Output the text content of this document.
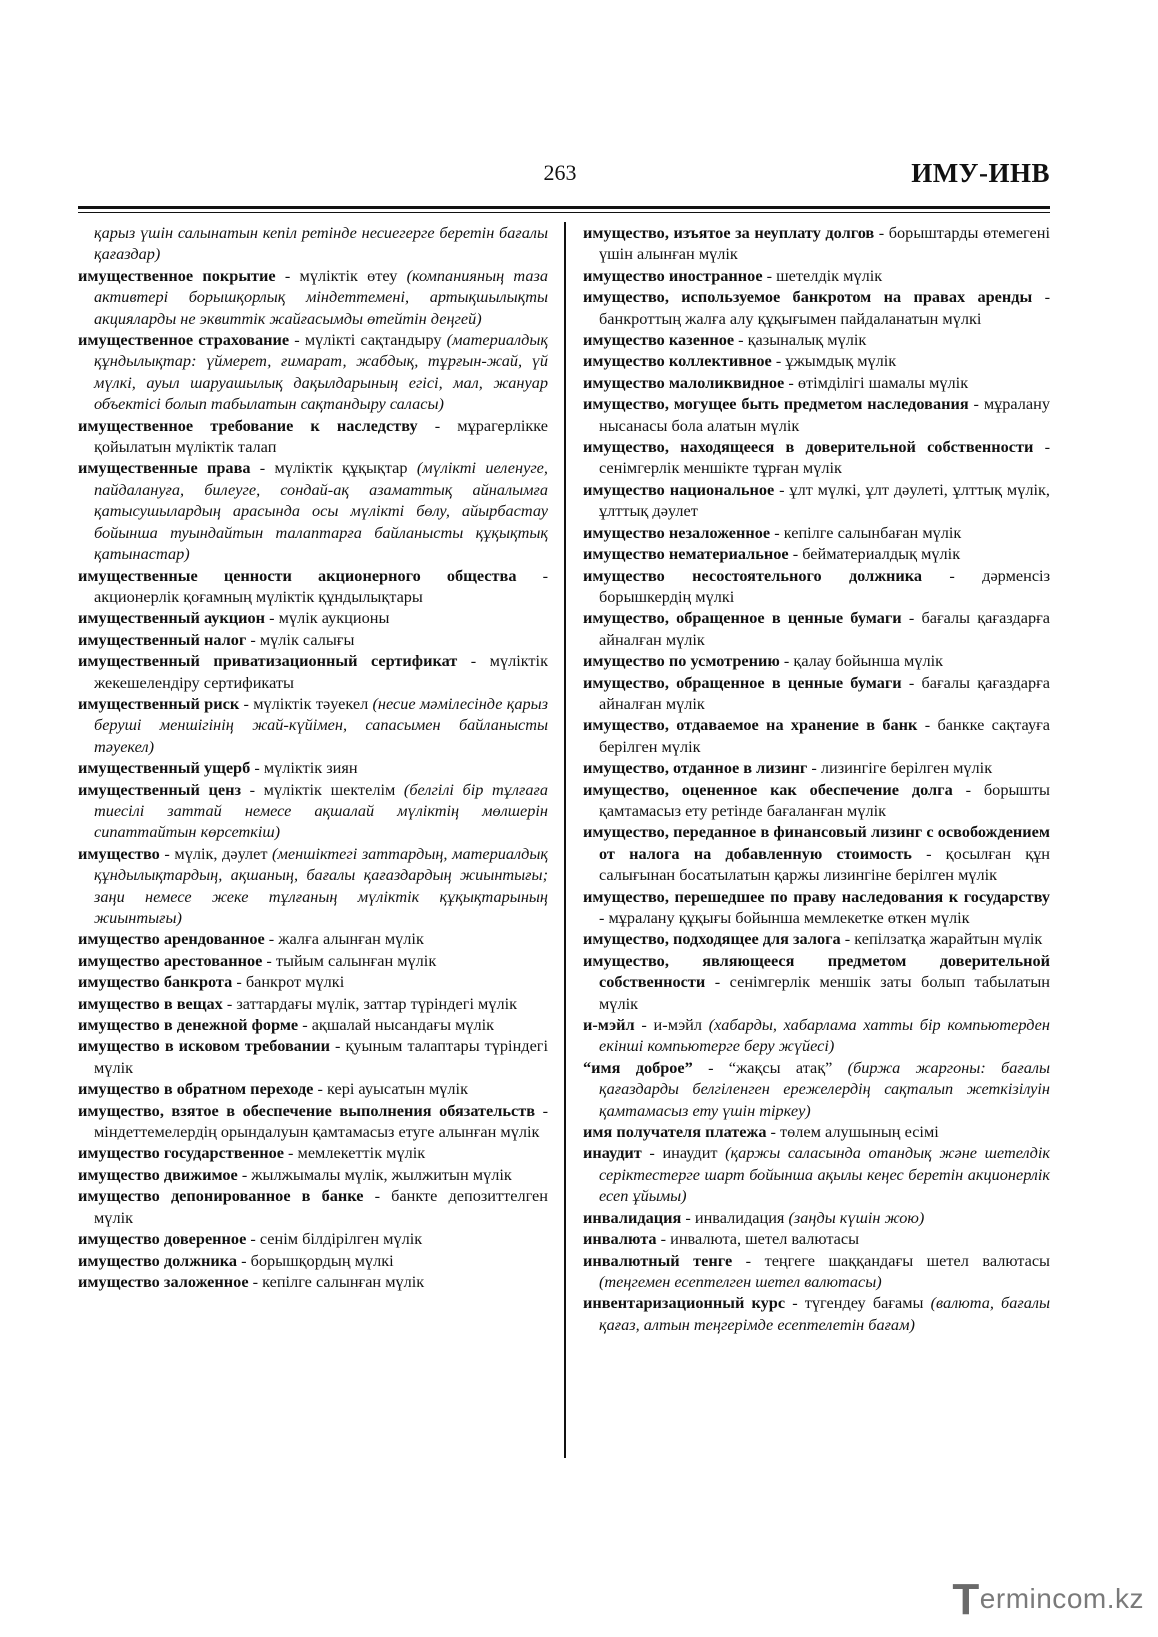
263	ИМУ-ИНВ

қарыз үшін салынатын кепіл ретінде несиегерге беретін бағалы қағаздар)

имущественное покрытие - мүліктік өтеу (компанияның таза активтері борышқорлық міндеттемені, артықшылықты акцияларды не эквиттік жайғасымды өтейтін деңгей)

имущественное страхование - мүлікті сақтандыру (материалдық құндылықтар: үймерет, ғимарат, жабдық, тұрғын-жай, үй мүлкі, ауыл шаруашылық дақылдарының егісі, мал, жануар объектісі болып табылатын сақтандыру саласы)

имущественное требование к наследству - мұрагерлікке қойылатын мүліктік талап

имущественные права - мүліктік құқықтар (мүлікті иеленуге, пайдалануға, билеуге, сондай-ақ азаматтық айналымға қатысушылардың арасында осы мүлікті бөлу, айырбастау бойынша туындайтын талаптарға байланысты құқықтық қатынастар)

имущественные ценности акционерного общества - акционерлік қоғамның мүліктік құндылықтары

имущественный аукцион - мүлік аукционы

имущественный налог - мүлік салығы

имущественный приватизационный сертификат - мүліктік жекешелендіру сертификаты

имущественный риск - мүліктік тәуекел (несие мәмілесінде қарыз беруші меншігінің жай-күйімен, сапасымен байланысты тәуекел)

имущественный ущерб - мүліктік зиян

имущественный ценз - мүліктік шектелім (белгілі бір тұлғаға тиесілі заттай немесе ақшалай мүліктің мөлшерін сипаттайтын көрсеткіш)

имущество - мүлік, дәулет (меншіктегі заттардың, материалдық құндылықтардың, ақшаның, бағалы қағаздардың жиынтығы; заңи немесе жеке тұлғаның мүліктік құқықтарының жиынтығы)

имущество арендованное - жалға алынған мүлік

имущество арестованное - тыйым салынған мүлік

имущество банкрота - банкрот мүлкі

имущество в вещах - заттардағы мүлік, заттар түріндегі мүлік

имущество в денежной форме - ақшалай нысандағы мүлік

имущество в исковом требовании - қуыным талаптары түріндегі мүлік

имущество в обратном переходе - кері ауысатын мүлік

имущество, взятое в обеспечение выполнения обязательств - міндеттемелердің орындалуын қамтамасыз етуге алынған мүлік

имущество государственное - мемлекеттік мүлік

имущество движимое - жылжымалы мүлік, жылжитын мүлік

имущество депонированное в банке - банкте депозиттелген мүлік

имущество доверенное - сенім білдірілген мүлік

имущество должника - борышқордың мүлкі

имущество заложенное - кепілге салынған мүлік

имущество, изъятое за неуплату долгов - борыштарды өтемегені үшін алынған мүлік

имущество иностранное - шетелдік мүлік

имущество, используемое банкротом на правах аренды - банкроттың жалға алу құқығымен пайдаланатын мүлкі

имущество казенное - қазыналық мүлік

имущество коллективное - ұжымдық мүлік

имущество малоликвидное - өтімділігі шамалы мүлік

имущество, могущее быть предметом наследования - мұралану нысанасы бола алатын мүлік

имущество, находящееся в доверительной собственности - сенімгерлік меншікте тұрған мүлік

имущество национальное - ұлт мүлкі, ұлт дәулеті, ұлттық мүлік, ұлттық дәулет

имущество незаложенное - кепілге салынбаған мүлік

имущество нематериальное - бейматериалдық мүлік

имущество несостоятельного должника - дәрменсіз борышкердің мүлкі

имущество, обращенное в ценные бумаги - бағалы қағаздарға айналған мүлік

имущество по усмотрению - қалау бойынша мүлік

имущество, обращенное в ценные бумаги - бағалы қағаздарға айналған мүлік

имущество, отдаваемое на хранение в банк - банкке сақтауға берілген мүлік

имущество, отданное в лизинг - лизингіге берілген мүлік

имущество, оцененное как обеспечение долга - борышты қамтамасыз ету ретінде бағаланған мүлік

имущество, переданное в финансовый лизинг с освобождением от налога на добавленную стоимость - қосылған құн салығынан босатылатын қаржы лизингіне берілген мүлік

имущество, перешедшее по праву наследования к государству - мұралану құқығы бойынша мемлекетке өткен мүлік

имущество, подходящее для залога - кепілзатқа жарайтын мүлік

имущество, являющееся предметом доверительной собственности - сенімгерлік меншік заты болып табылатын мүлік

и-мэйл - и-мэйл (хабарды, хабарлама хатты бір компьютерден екінші компьютерге беру жүйесі)

“имя доброе” - “жақсы атақ” (биржа жаргоны: бағалы қағаздарды белгіленген ережелердің сақталып жеткізілуін қамтамасыз ету үшін тіркеу)

имя получателя платежа - төлем алушының есімі

инаудит - инаудит (қаржы саласында отандық және шетелдік серіктестерге шарт бойынша ақылы кеңес беретін акционерлік есеп ұйымы)

инвалидация - инвалидация (заңды күшін жою)

инвалюта - инвалюта, шетел валютасы

инвалютный тенге - теңгеге шаққандағы шетел валютасы (теңгемен есептелген шетел валютасы)

инвентаризационный курс - түгендеу бағамы (валюта, бағалы қағаз, алтын теңгерімде есептелетін бағам)

Termincom.kz
